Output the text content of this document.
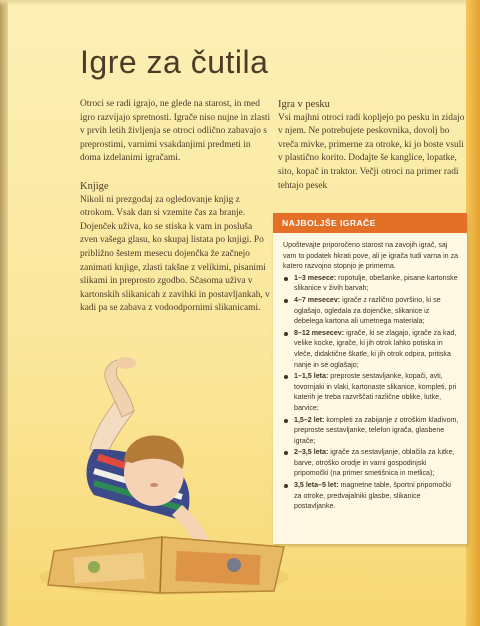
Igre za čutila

Otroci se radi igrajo, ne glede na starost, in med igro razvijajo spretnosti. Igrače niso nujne in zlasti v prvih letih življenja se otroci odlično zabavajo s preprostimi, varnimi vsakdanjimi predmeti in doma izdelanimi igračami.

Knjige

Nikoli ni prezgodaj za ogledovanje knjig z otrokom. Vsak dan si vzemite čas za branje. Dojenček uživa, ko se stiska k vam in posluša zven vašega glasu, ko skupaj listata po knjigi. Po približno šestem mesecu dojenčka že začnejo zanimati knjige, zlasti takšne z velikimi, pisanimi slikami in preprosto zgodbo. Sčasoma uživa v kartonskih slikanicah z zavihki in postavljankah, v kadi pa se zabava z vodoodpornimi slikanicami.

Igra v pesku

Vsi majhni otroci radi kopljejo po pesku in zidajo v njem. Ne potrebujete peskovnika, dovolj bo vreča mivke, primerne za otroke, ki jo boste vsuli v plastično korito. Dodajte še kanglice, lopatke, sito, kopač in traktor. Večji otroci na primer radi tehtajo pesek

NAJBOLJŠE IGRAČE

Upoštevajte priporočeno starost na zavojih igrač, saj vam to podatek hkrati pove, ali je igrača tudi varna in za katero razvojno stopnjo je primerna.

1–3 mesece: ropotulje, obešanke, pisane kartonske slikanice v živih barvah;
4–7 mesecev: igrače z različno površino, ki se oglašajo, ogledala za dojenčke, slikanice iz debelega kartona ali umetnega materiala;
8–12 mesecev: igrače, ki se zlagajo, igrače za kad, velike kocke, igrače, ki jih otrok lahko potiska in vleče, didaktične škatle, ki jih otrok odpira, pritiska nanje in se oglašajo;
1–1,5 leta: preproste sestavljanke, kopači, avti, tovornjaki in vlaki, kartonaste slikanice, kompleti, pri katerih je treba razvrščati različne oblike, lutke, barvice;
1,5–2 let: kompleti za zabijanje z otroškim kladivom, preproste sestavljanke, telefon igrača, glasbene igrače;
2–3,5 leta: igrače za sestavljanje, oblačila za lutke, barve, otroško orodje in varni gospodinjski pripomočki (na primer smetišnica in metlica);
3,5 leta–5 let: magnetne table, športni pripomočki za otroke, predvajalniki glasbe, slikanice postavljanke.
